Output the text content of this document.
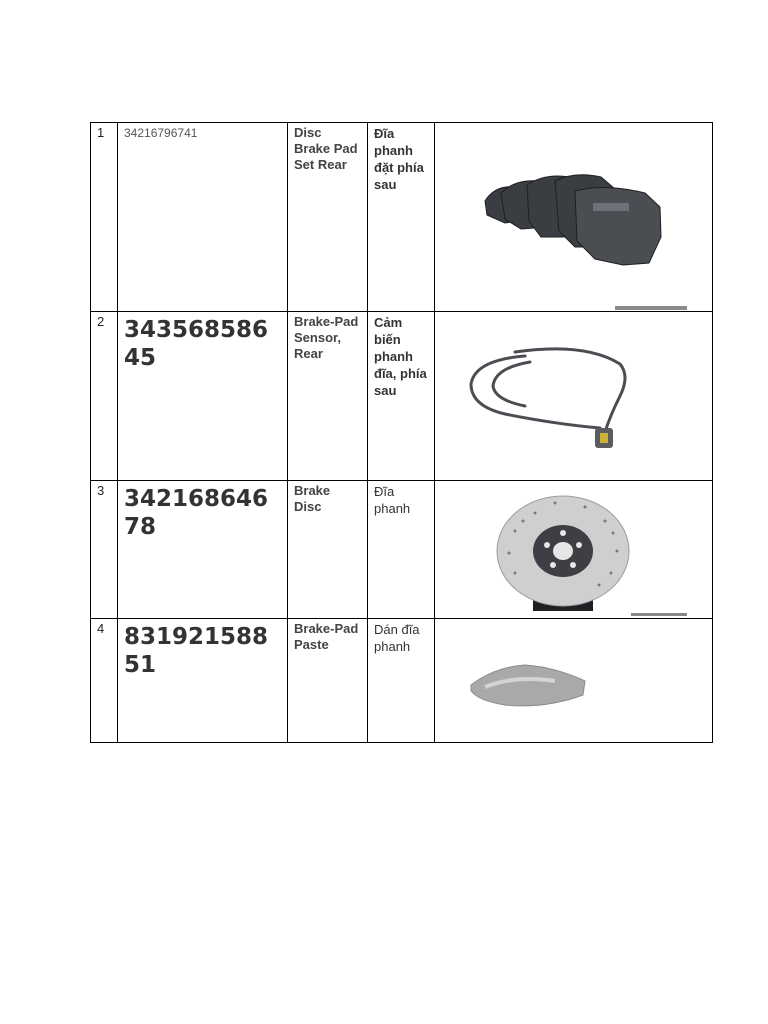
1	34216796741	Disc Brake Pad Set Rear	Đĩa phanh đặt phía sau

2	34356858645	Brake-Pad Sensor, Rear	Cảm biến phanh đĩa, phía sau

3	34216864678	Brake Disc	Đĩa phanh

4	83192158851	Brake-Pad Paste	Dán đĩa phanh
